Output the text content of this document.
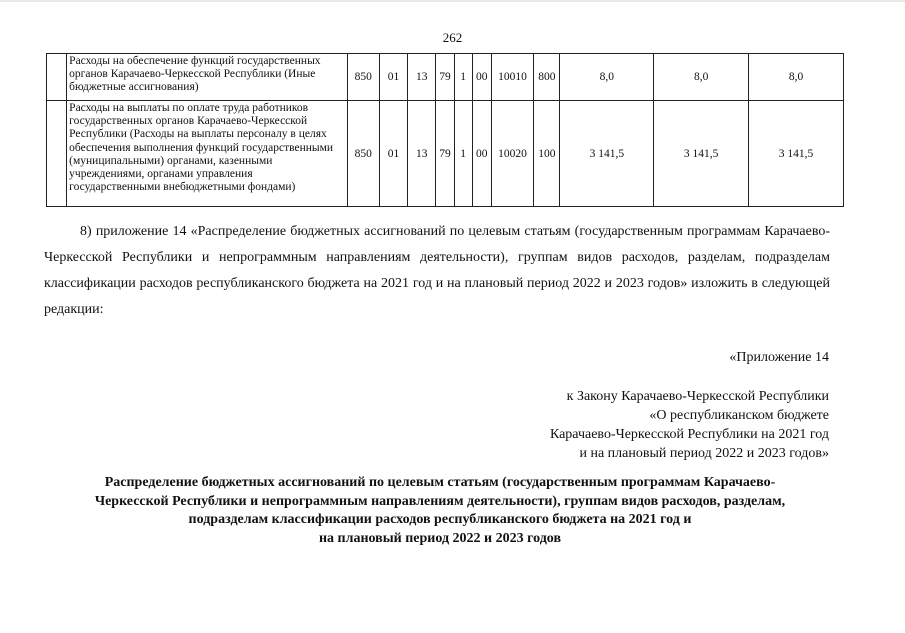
262
	Расходы на обеспечение функций государственных органов Карачаево-Черкесской Республики (Иные бюджетные ассигнования)	850	01	13	79	1	00	10010	800	8,0	8,0	8,0
	Расходы на выплаты по оплате труда работников государственных органов Карачаево-Черкесской Республики (Расходы на выплаты персоналу в целях обеспечения выполнения функций государственными (муниципальными) органами, казенными учреждениями, органами управления государственными внебюджетными фондами)	850	01	13	79	1	00	10020	100	3 141,5	3 141,5	3 141,5
8) приложение 14 «Распределение бюджетных ассигнований по целевым статьям (государственным программам Карачаево-Черкесской Республики и непрограммным направлениям деятельности), группам видов расходов, разделам, подразделам классификации расходов республиканского бюджета на 2021 год и на плановый период 2022 и 2023 годов» изложить в следующей редакции:
«Приложение 14
к Закону Карачаево-Черкесской Республики
«О республиканском бюджете
Карачаево-Черкесской Республики на 2021 год
и на плановый период 2022 и 2023 годов»
Распределение бюджетных ассигнований по целевым статьям (государственным программам Карачаево-
Черкесской Республики и непрограммным направлениям деятельности), группам видов расходов, разделам,
подразделам классификации расходов республиканского бюджета на 2021 год и
на плановый период 2022 и 2023 годов
